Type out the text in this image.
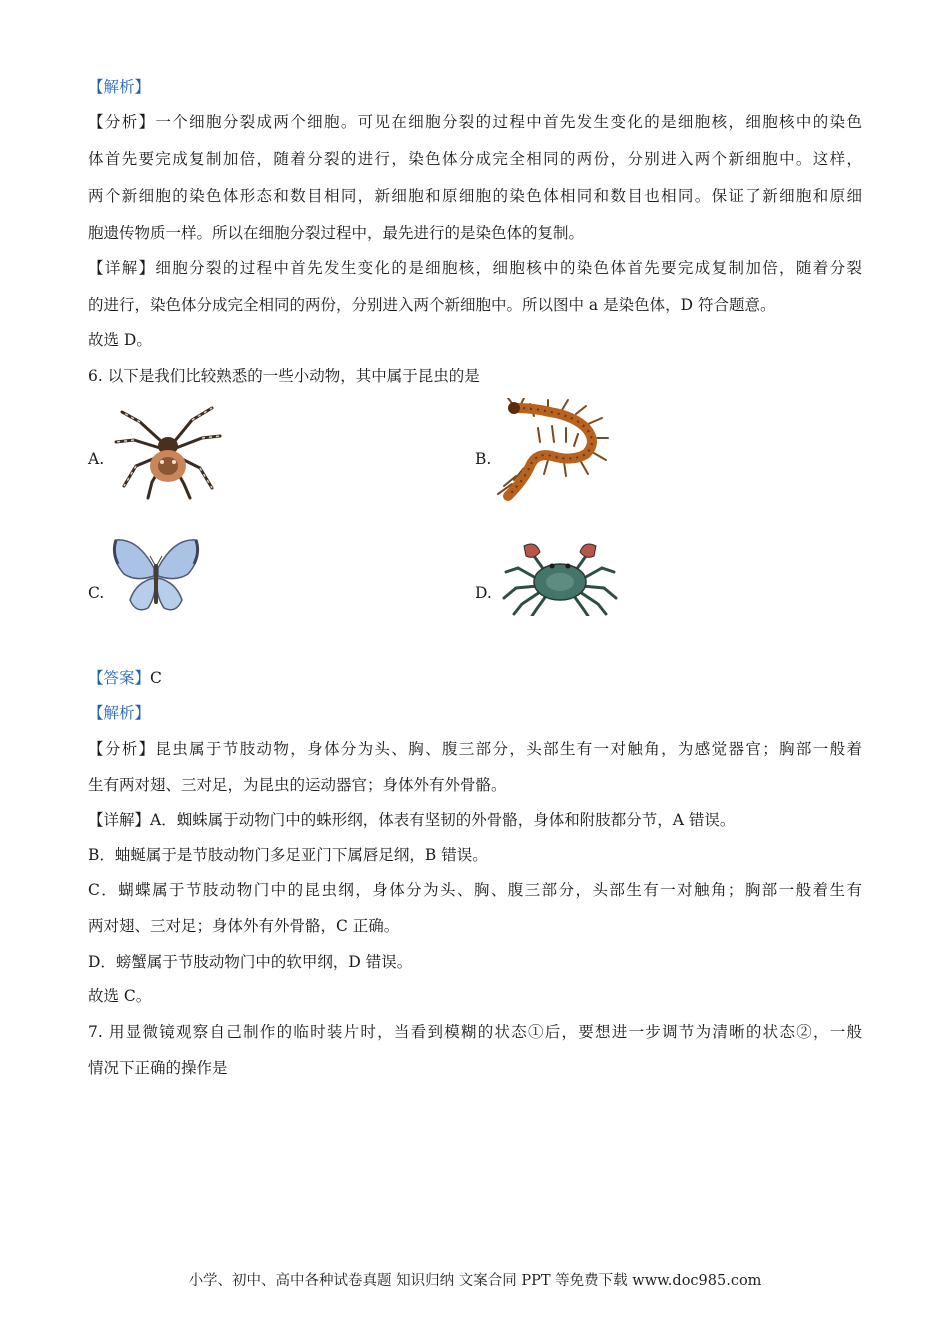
【解析】
【分析】一个细胞分裂成两个细胞。可见在细胞分裂的过程中首先发生变化的是细胞核，细胞核中的染色
体首先要完成复制加倍，随着分裂的进行，染色体分成完全相同的两份，分别进入两个新细胞中。这样，
两个新细胞的染色体形态和数目相同，新细胞和原细胞的染色体相同和数目也相同。保证了新细胞和原细
胞遗传物质一样。所以在细胞分裂过程中，最先进行的是染色体的复制。
【详解】细胞分裂的过程中首先发生变化的是细胞核，细胞核中的染色体首先要完成复制加倍，随着分裂
的进行，染色体分成完全相同的两份，分别进入两个新细胞中。所以图中 a 是染色体，D 符合题意。
故选 D。
6. 以下是我们比较熟悉的一些小动物，其中属于昆虫的是
A.	B.
C.	D.
【答案】C
【解析】
【分析】昆虫属于节肢动物，身体分为头、胸、腹三部分，头部生有一对触角，为感觉器官；胸部一般着
生有两对翅、三对足，为昆虫的运动器官；身体外有外骨骼。
【详解】A．蜘蛛属于动物门中的蛛形纲，体表有坚韧的外骨骼，身体和附肢都分节，A 错误。
B．蚰蜒属于是节肢动物门多足亚门下属唇足纲，B 错误。
C．蝴蝶属于节肢动物门中的昆虫纲，身体分为头、胸、腹三部分，头部生有一对触角；胸部一般着生有
两对翅、三对足；身体外有外骨骼，C 正确。
D．螃蟹属于节肢动物门中的软甲纲，D 错误。
故选 C。
7. 用显微镜观察自己制作的临时装片时，当看到模糊的状态①后，要想进一步调节为清晰的状态②，一般
情况下正确的操作是
小学、初中、高中各种试卷真题 知识归纳 文案合同 PPT 等免费下载 www.doc985.com
